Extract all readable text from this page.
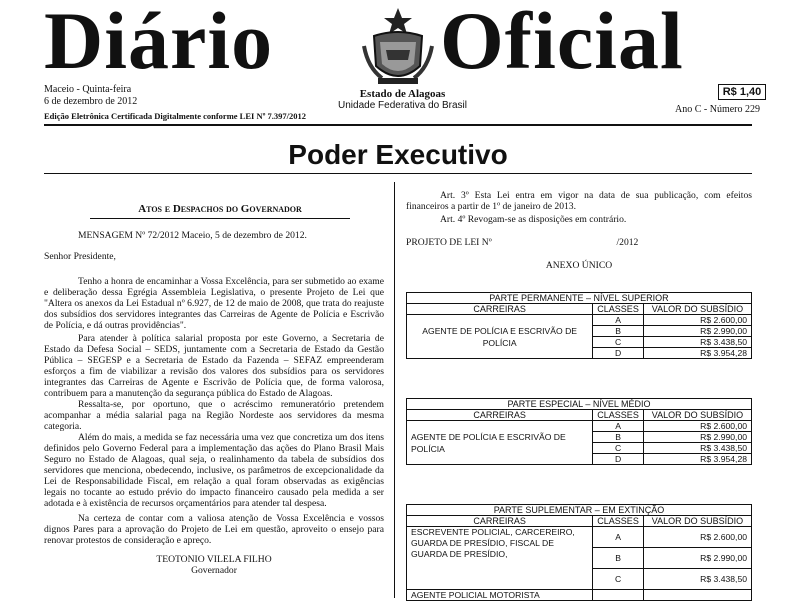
Diário Oficial
Maceio - Quinta-feira
6 de dezembro de 2012
Edição Eletrônica Certificada Digitalmente conforme LEI Nº 7.397/2012
Estado de Alagoas
Unidade Federativa do Brasil
R$ 1,40
Ano C - Número 229
Poder Executivo
Atos e Despachos do Governador

MENSAGEM Nº 72/2012 Maceio, 5 de dezembro de 2012.

Senhor Presidente,

Tenho a honra de encaminhar a Vossa Excelência, para ser submetido ao exame e deliberação dessa Egrégia Assembleia Legislativa, o presente Projeto de Lei que "Altera os anexos da Lei Estadual nº 6.927, de 12 de maio de 2008, que trata do reajuste dos subsídios dos servidores integrantes das Carreiras de Agente de Polícia e Escrivão de Polícia, e dá outras providências".

Para atender à política salarial proposta por este Governo, a Secretaria de Estado da Defesa Social – SEDS, juntamente com a Secretaria de Estado da Gestão Pública – SEGESP e a Secretaria de Estado da Fazenda – SEFAZ empreenderam esforços a fim de viabilizar a revisão dos valores dos subsídios para os servidores integrantes das Carreiras de Agente e Escrivão de Polícia que, de forma valorosa, contribuem para a manutenção da segurança pública do Estado de Alagoas.

Ressalta-se, por oportuno, que o acréscimo remuneratório pretendem acompanhar a média salarial paga na Região Nordeste aos servidores da mesma categoria.

Além do mais, a medida se faz necessária uma vez que concretiza um dos itens definidos pelo Governo Federal para a implementação das ações do Plano Brasil Mais Seguro no Estado de Alagoas, qual seja, o realinhamento da tabela de subsídios dos servidores que menciona, obedecendo, inclusive, os parâmetros de excepcionalidade da Lei de Responsabilidade Fiscal, em relação a qual foram observadas as exigências legais no tocante ao estudo prévio do impacto financeiro causado pela medida a ser adotada e à existência de recursos orçamentários para atender tal despesa.

Na certeza de contar com a valiosa atenção de Vossa Excelência e vossos dignos Pares para a aprovação do Projeto de Lei em questão, aproveito o ensejo para renovar protestos de consideração e apreço.

TEOTONIO VILELA FILHO

Governador

Art. 3º Esta Lei entra em vigor na data de sua publicação, com efeitos financeiros a partir de 1º de janeiro de 2013.

Art. 4º Revogam-se as disposições em contrário.

PROJETO DE LEI Nº	/2012

ANEXO ÚNICO

PARTE PERMANENTE – NÍVEL SUPERIOR		
CARREIRAS	CLASSES	VALOR DO SUBSÍDIO
AGENTE DE POLÍCIA E ESCRIVÃO DE POLÍCIA	A	R$ 2.600,00
	B	R$ 2.990,00
	C	R$ 3.438,50
	D	R$ 3.954,28
PARTE ESPECIAL – NÍVEL MÉDIO		
CARREIRAS	CLASSES	VALOR DO SUBSÍDIO
AGENTE DE POLÍCIA E ESCRIVÃO DE POLÍCIA	A	R$ 2.600,00
	B	R$ 2.990,00
	C	R$ 3.438,50
	D	R$ 3.954,28
PARTE SUPLEMENTAR – EM EXTINÇÃO		
CARREIRAS	CLASSES	VALOR DO SUBSÍDIO
ESCREVENTE POLICIAL, CARCEREIRO, GUARDA DE PRESÍDIO, FISCAL DE GUARDA DE PRESÍDIO,	A	R$ 2.600,00
	B	R$ 2.990,00
	C	R$ 3.438,50
AGENTE POLICIAL MOTORISTA		
